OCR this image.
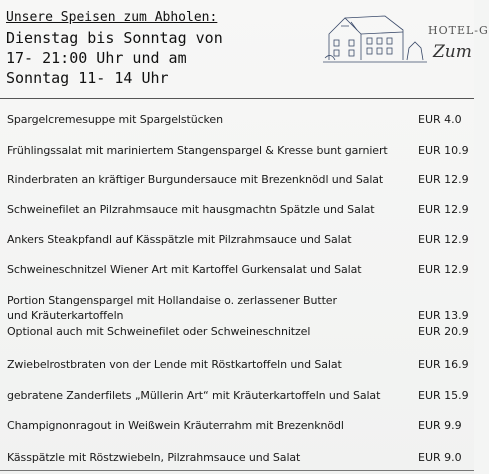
Unsere Speisen zum Abholen:
Dienstag bis Sonntag von
17- 21:00 Uhr und am
Sonntag 11- 14 Uhr
HOTEL-G
Zum
Spargelcremesuppe mit Spargelstücken	EUR 4.0
Frühlingssalat mit mariniertem Stangenspargel & Kresse bunt garniert	EUR 10.9
Rinderbraten an kräftiger Burgundersauce mit Brezenknödl und Salat	EUR 12.9
Schweinefilet an Pilzrahmsauce mit hausgmachtn Spätzle und Salat	EUR 12.9
Ankers Steakpfandl auf Kässpätzle mit Pilzrahmsauce und Salat	EUR 12.9
Schweineschnitzel Wiener Art mit Kartoffel Gurkensalat und Salat	EUR 12.9
Portion Stangenspargel mit Hollandaise o. zerlassener Butter
und Kräuterkartoffeln	EUR 13.9
Optional auch mit Schweinefilet oder Schweineschnitzel	EUR 20.9
Zwiebelrostbraten von der Lende mit Röstkartoffeln und Salat	EUR 16.9
gebratene Zanderfilets „Müllerin Art“ mit Kräuterkartoffeln und Salat	EUR 15.9
Champignonragout in Weißwein Kräuterrahm mit Brezenknödl	EUR 9.9
Kässpätzle mit Röstzwiebeln, Pilzrahmsauce und Salat	EUR 9.0
